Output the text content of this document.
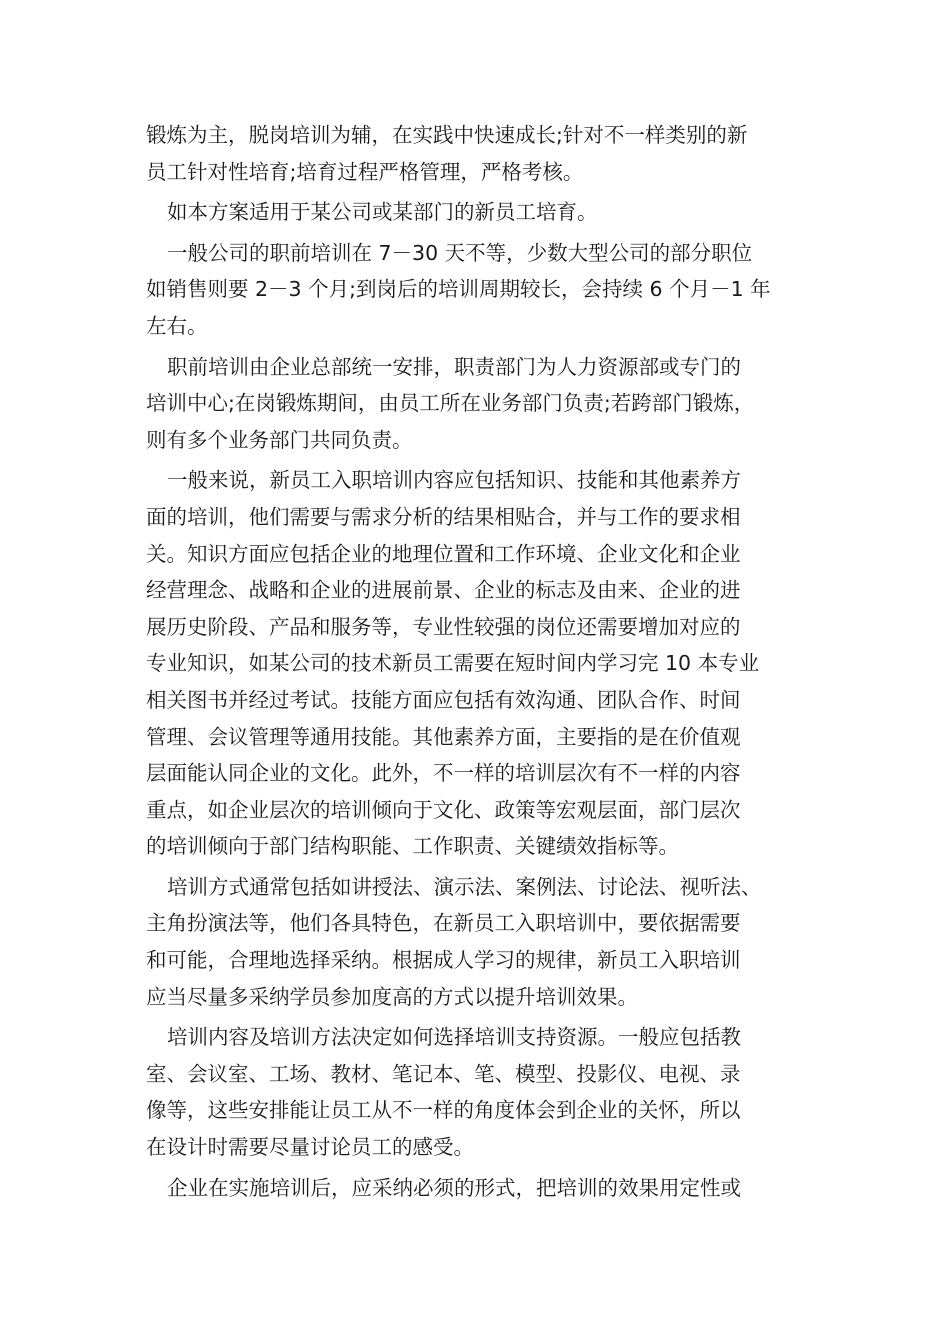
锻炼为主，脱岗培训为辅，在实践中快速成长;针对不一样类别的新
员工针对性培育;培育过程严格管理，严格考核。

如本方案适用于某公司或某部门的新员工培育。

一般公司的职前培训在 7－30 天不等，少数大型公司的部分职位
如销售则要 2－3 个月;到岗后的培训周期较长，会持续 6 个月－1 年
左右。

职前培训由企业总部统一安排，职责部门为人力资源部或专门的
培训中心;在岗锻炼期间，由员工所在业务部门负责;若跨部门锻炼，
则有多个业务部门共同负责。

一般来说，新员工入职培训内容应包括知识、技能和其他素养方
面的培训，他们需要与需求分析的结果相贴合，并与工作的要求相
关。知识方面应包括企业的地理位置和工作环境、企业文化和企业
经营理念、战略和企业的进展前景、企业的标志及由来、企业的进
展历史阶段、产品和服务等，专业性较强的岗位还需要增加对应的
专业知识，如某公司的技术新员工需要在短时间内学习完 10 本专业
相关图书并经过考试。技能方面应包括有效沟通、团队合作、时间
管理、会议管理等通用技能。其他素养方面，主要指的是在价值观
层面能认同企业的文化。此外，不一样的培训层次有不一样的内容
重点，如企业层次的培训倾向于文化、政策等宏观层面，部门层次
的培训倾向于部门结构职能、工作职责、关键绩效指标等。

培训方式通常包括如讲授法、演示法、案例法、讨论法、视听法、
主角扮演法等，他们各具特色，在新员工入职培训中，要依据需要
和可能，合理地选择采纳。根据成人学习的规律，新员工入职培训
应当尽量多采纳学员参加度高的方式以提升培训效果。

培训内容及培训方法决定如何选择培训支持资源。一般应包括教
室、会议室、工场、教材、笔记本、笔、模型、投影仪、电视、录
像等，这些安排能让员工从不一样的角度体会到企业的关怀，所以
在设计时需要尽量讨论员工的感受。

企业在实施培训后，应采纳必须的形式，把培训的效果用定性或
